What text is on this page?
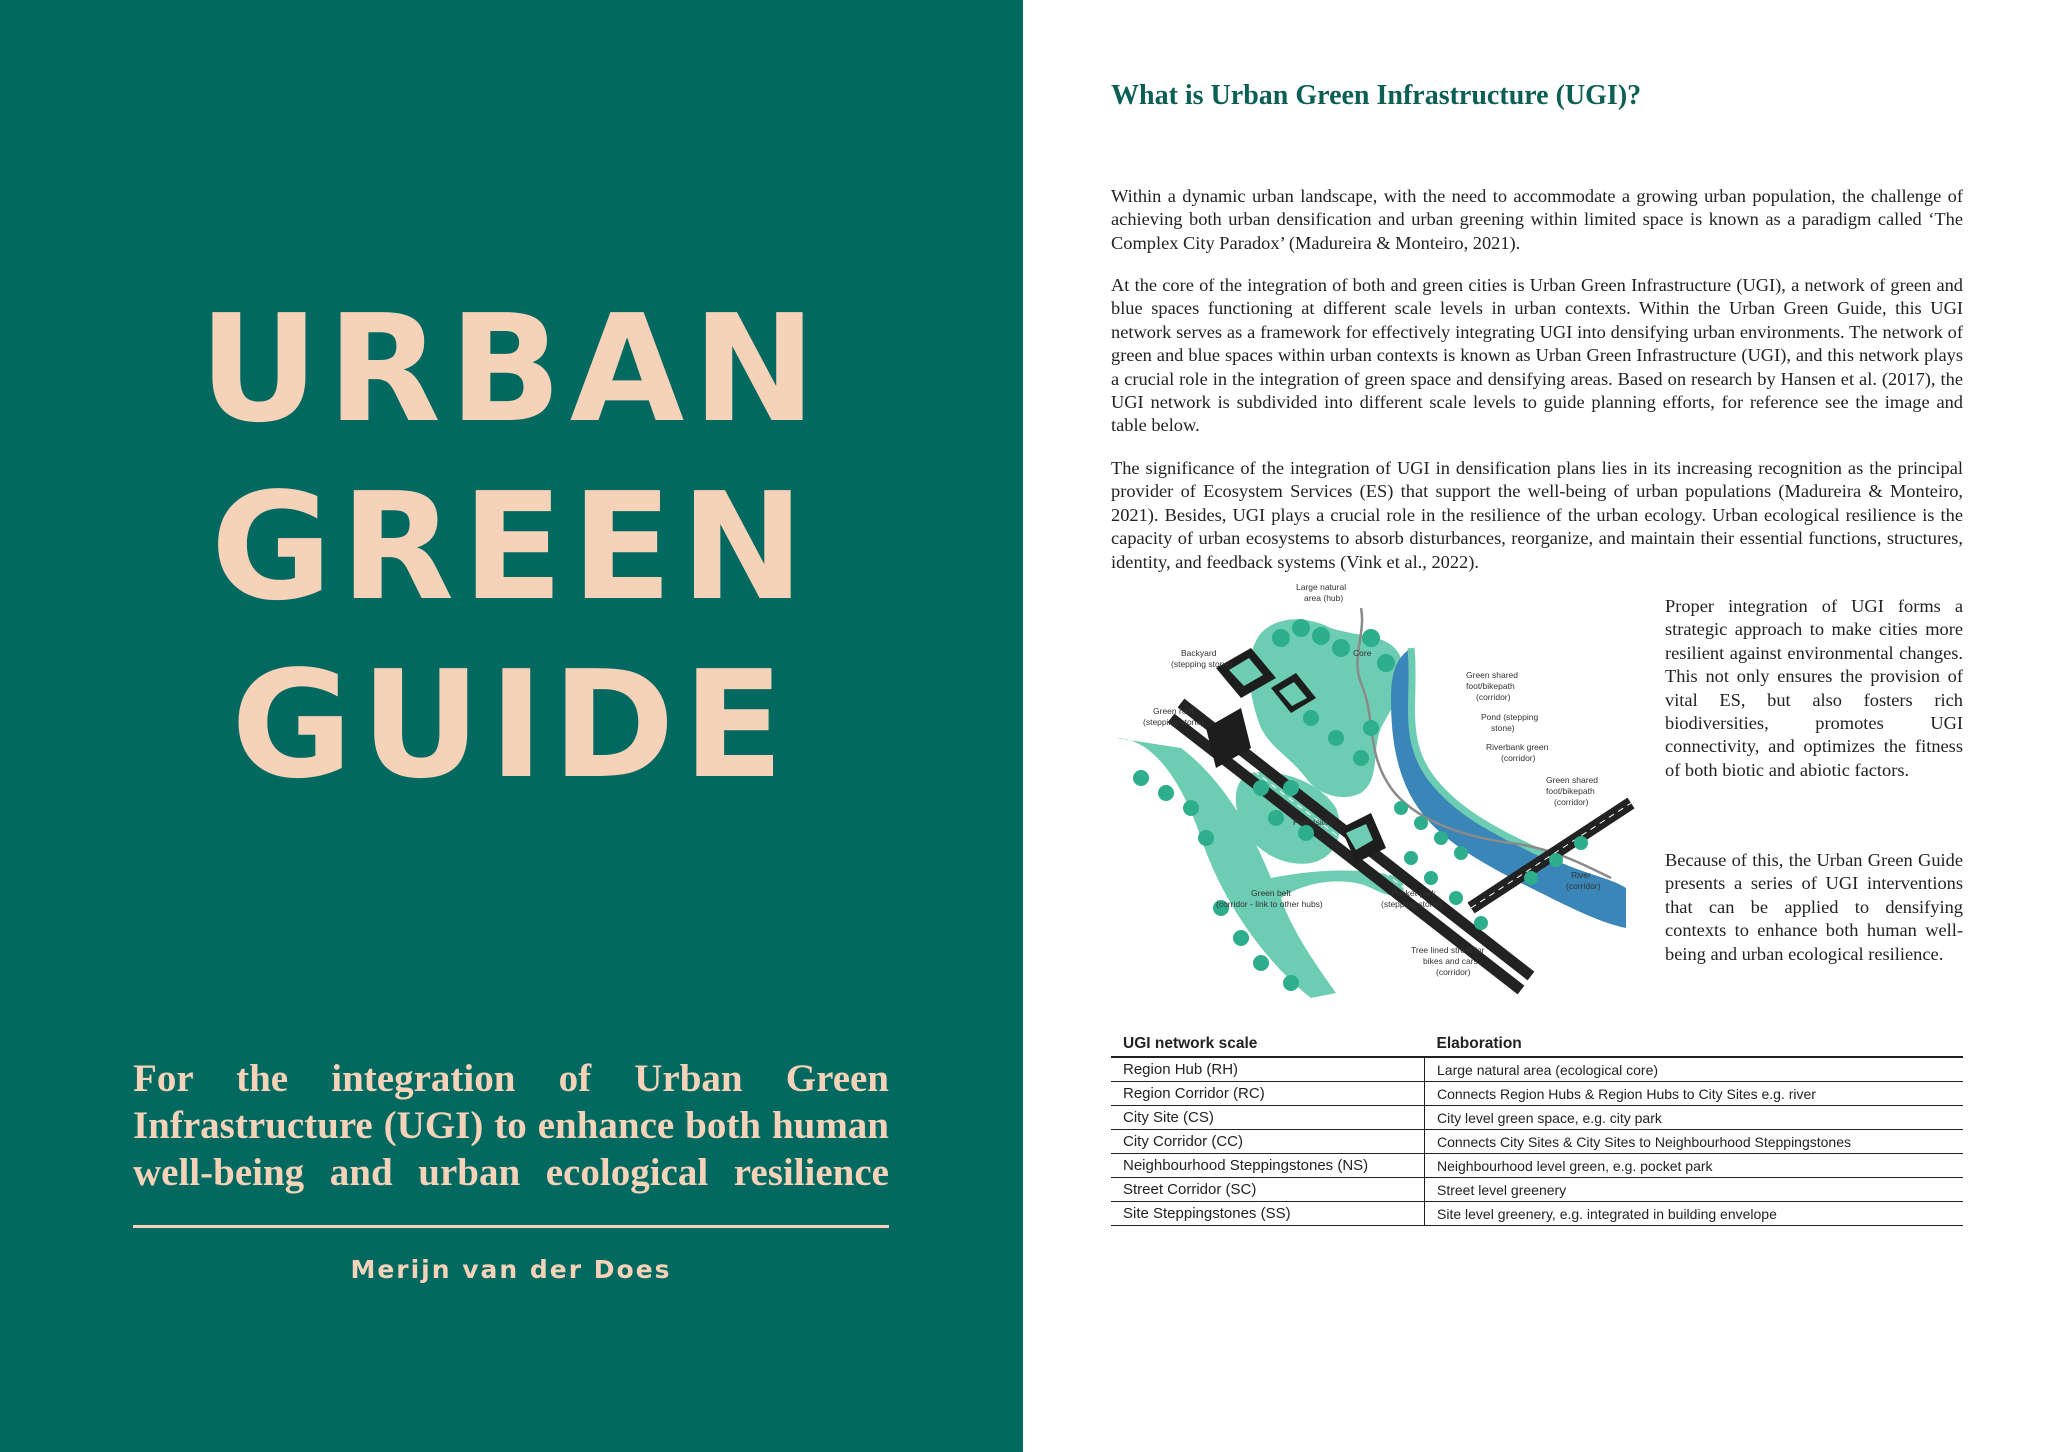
URBAN
GREEN
GUIDE
For the integration of Urban Green Infrastructure (UGI) to enhance both human well-being and urban ecological resilience
Merijn van der Does
What is Urban Green Infrastructure (UGI)?

Within a dynamic urban landscape, with the need to accommodate a growing urban population, the challenge of achieving both urban densification and urban greening within limited space is known as a paradigm called ‘The Complex City Paradox’ (Madureira & Monteiro, 2021).

At the core of the integration of both and green cities is Urban Green Infrastructure (UGI), a network of green and blue spaces functioning at different scale levels in urban contexts. Within the Urban Green Guide, this UGI network serves as a framework for effectively integrating UGI into densifying urban environments. The network of green and blue spaces within urban contexts is known as Urban Green Infrastructure (UGI), and this network plays a crucial role in the integration of green space and densifying areas. Based on research by Hansen et al. (2017), the UGI network is subdivided into different scale levels to guide planning efforts, for reference see the image and table below.

The significance of the integration of UGI in densification plans lies in its increasing recognition as the principal provider of Ecosystem Services (ES) that support the well-being of urban populations (Madureira & Monteiro, 2021). Besides, UGI plays a crucial role in the resilience of the urban ecology. Urban ecological resilience is the capacity of urban ecosystems to absorb disturbances, reorganize, and maintain their essential functions, structures, identity, and feedback systems (Vink et al., 2022).

Large natural
area (hub)
Core
Backyard
(stepping stone)
Green roof
(stepping stone)
Green shared
foot/bikepath
(corridor)
Pond (stepping
stone)
Riverbank green
(corridor)
Green shared
foot/bikepath
(corridor)
Park (site)
River
(corridor)
Green belt
(corridor - link to other hubs)
Pocket park
(stepping stone)
Tree lined street for
bikes and cars
(corridor)

Proper integration of UGI forms a strategic approach to make cities more resilient against environmental changes. This not only ensures the provision of vital ES, but also fosters rich biodiversities, promotes UGI connectivity, and optimizes the fitness of both biotic and abiotic factors.

Because of this, the Urban Green Guide presents a series of UGI interventions that can be applied to densifying contexts to enhance both human well-being and urban ecological resilience.

UGI network scale	Elaboration
Region Hub (RH)	Large natural area (ecological core)
Region Corridor (RC)	Connects Region Hubs & Region Hubs to City Sites e.g. river
City Site (CS)	City level green space, e.g. city park
City Corridor (CC)	Connects City Sites & City Sites to Neighbourhood Steppingstones
Neighbourhood Steppingstones (NS)	Neighbourhood level green, e.g. pocket park
Street Corridor (SC)	Street level greenery
Site Steppingstones (SS)	Site level greenery, e.g. integrated in building envelope
